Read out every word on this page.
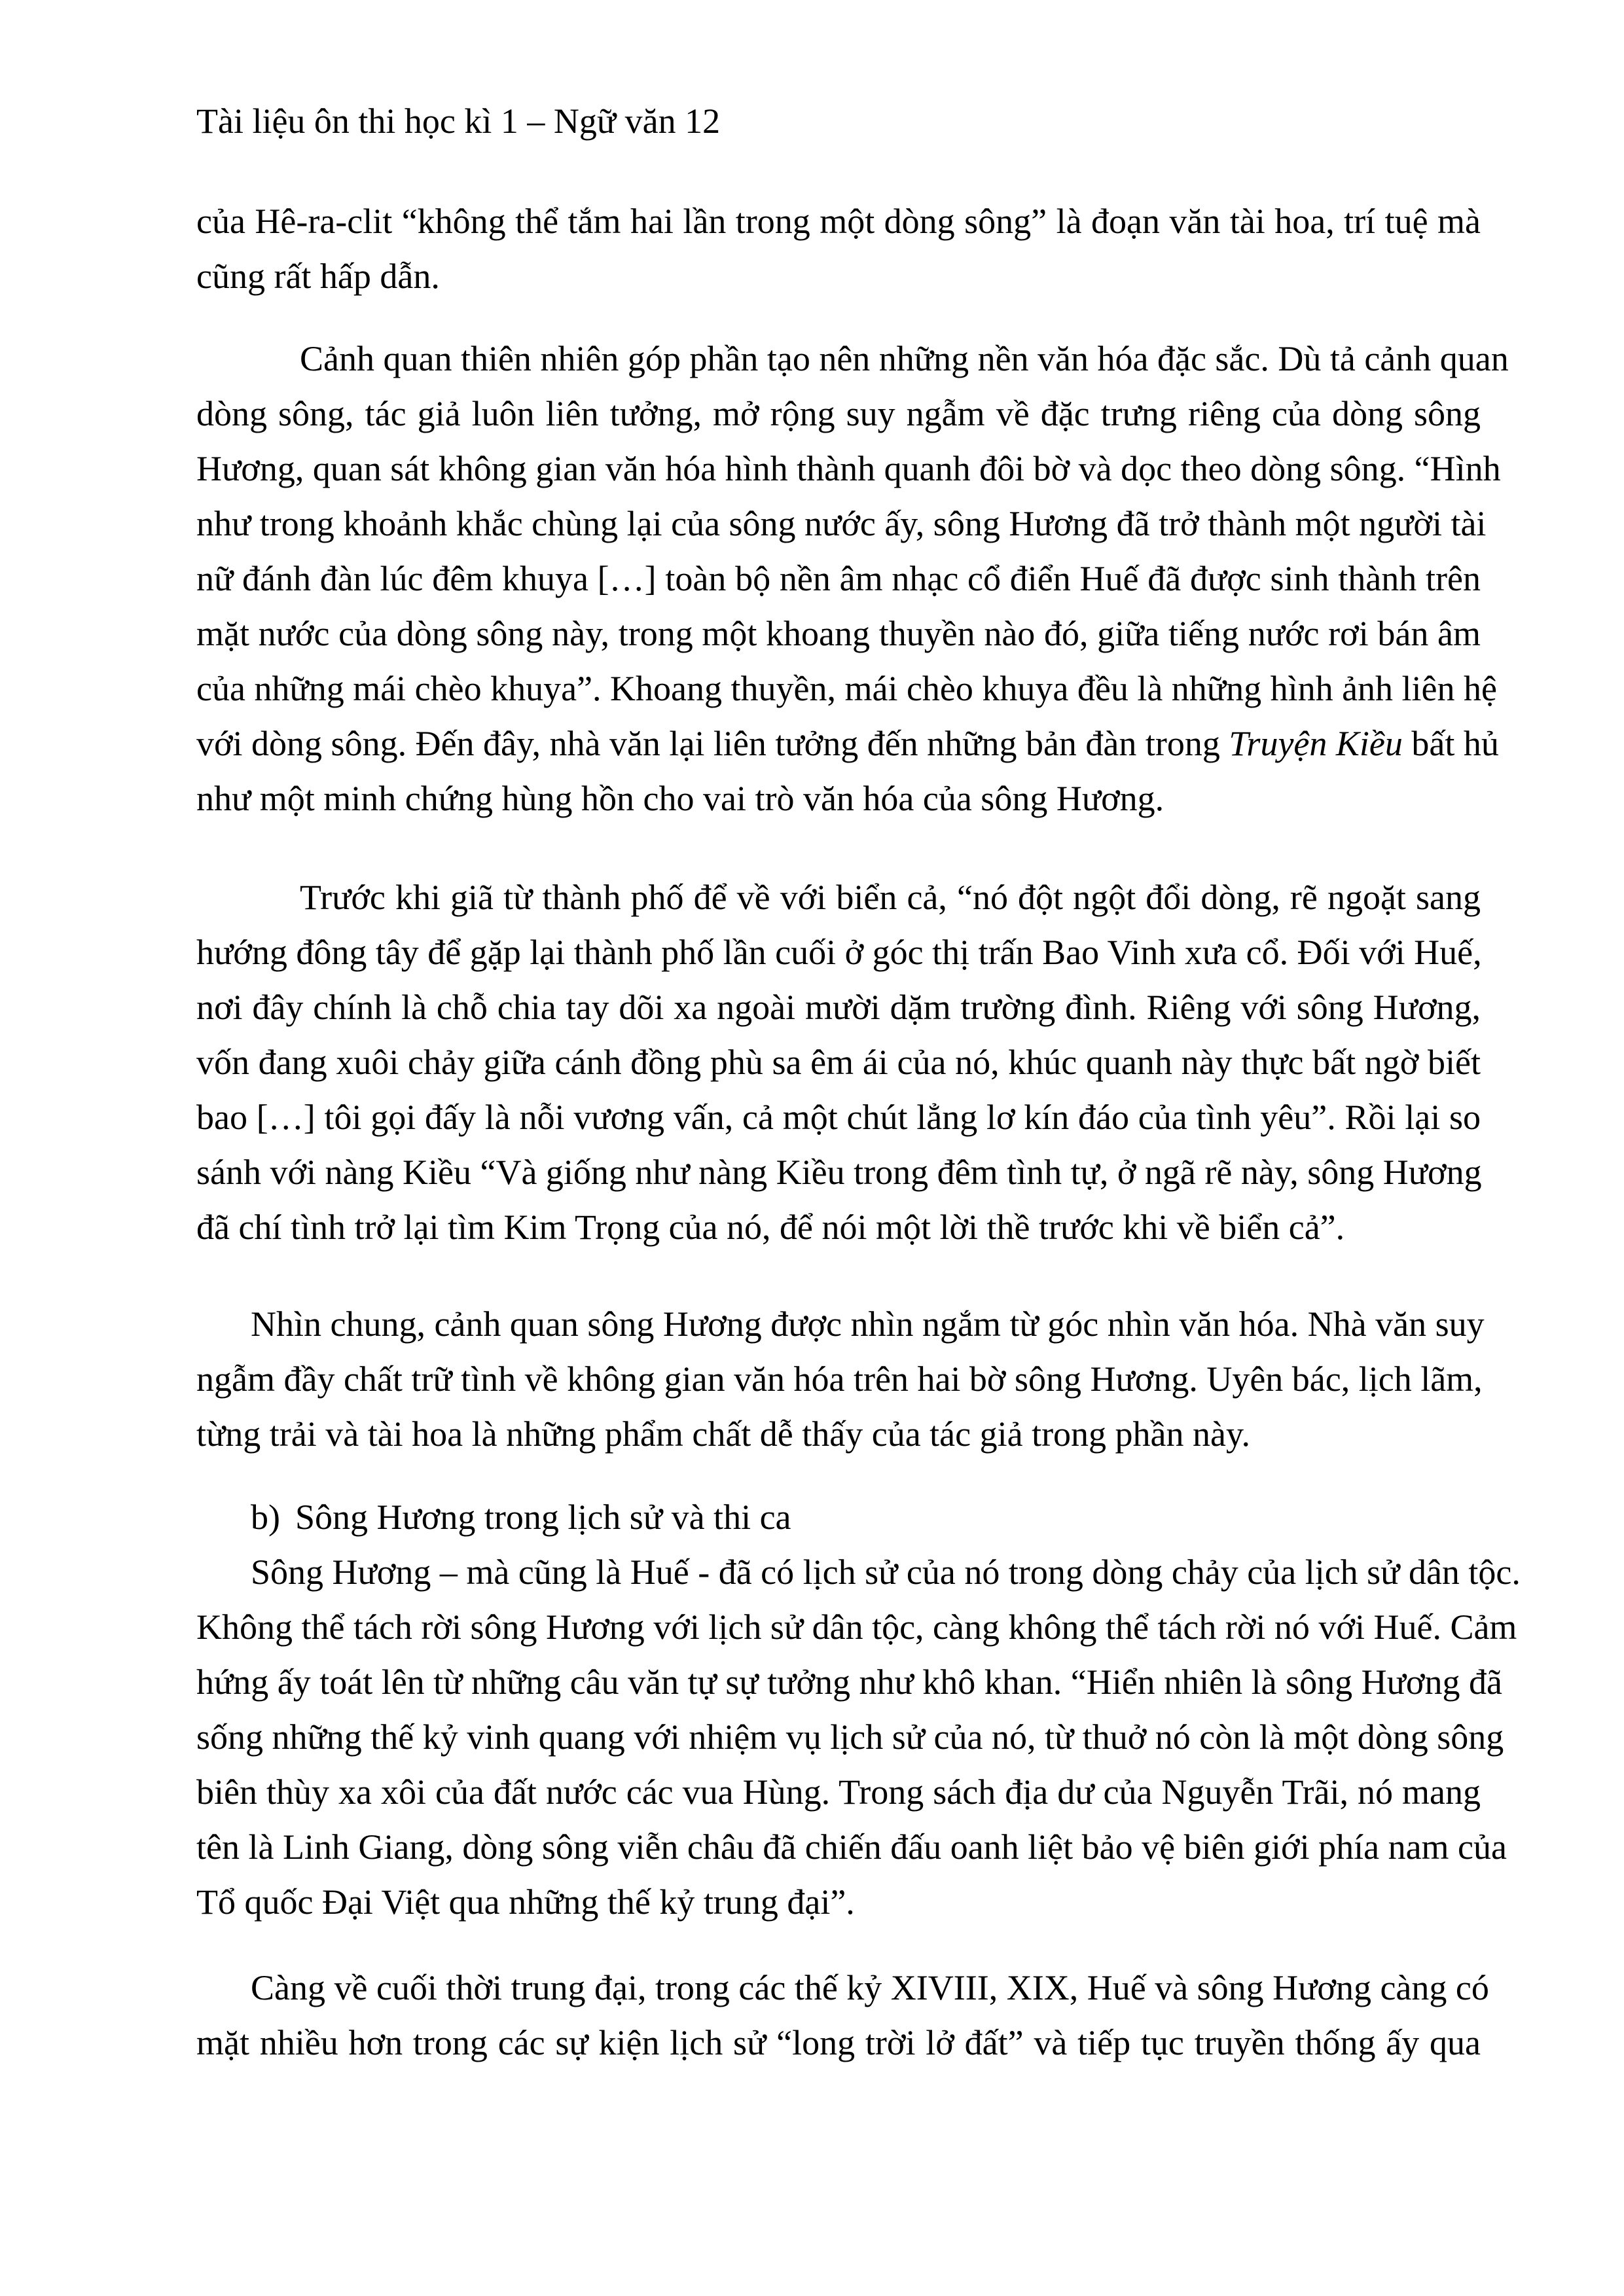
Tài liệu ôn thi học kì 1 – Ngữ văn 12
của Hê-ra-clit “không thể tắm hai lần trong một dòng sông” là đoạn văn tài hoa, trí tuệ mà
cũng rất hấp dẫn.
Cảnh quan thiên nhiên góp phần tạo nên những nền văn hóa đặc sắc. Dù tả cảnh quan
dòng sông, tác giả luôn liên tưởng, mở rộng suy ngẫm về đặc trưng riêng của dòng sông
Hương, quan sát không gian văn hóa hình thành quanh đôi bờ và dọc theo dòng sông. “Hình
như trong khoảnh khắc chùng lại của sông nước ấy, sông Hương đã trở thành một người tài
nữ đánh đàn lúc đêm khuya […] toàn bộ nền âm nhạc cổ điển Huế đã được sinh thành trên
mặt nước của dòng sông này, trong một khoang thuyền nào đó, giữa tiếng nước rơi bán âm
của những mái chèo khuya”. Khoang thuyền, mái chèo khuya đều là những hình ảnh liên hệ
với dòng sông. Đến đây, nhà văn lại liên tưởng đến những bản đàn trong Truyện Kiều bất hủ
như một minh chứng hùng hồn cho vai trò văn hóa của sông Hương.
Trước khi giã từ thành phố để về với biển cả, “nó đột ngột đổi dòng, rẽ ngoặt sang
hướng đông tây để gặp lại thành phố lần cuối ở góc thị trấn Bao Vinh xưa cổ. Đối với Huế,
nơi đây chính là chỗ chia tay dõi xa ngoài mười dặm trường đình. Riêng với sông Hương,
vốn đang xuôi chảy giữa cánh đồng phù sa êm ái của nó, khúc quanh này thực bất ngờ biết
bao […] tôi gọi đấy là nỗi vương vấn, cả một chút lẳng lơ kín đáo của tình yêu”. Rồi lại so
sánh với nàng Kiều “Và giống như nàng Kiều trong đêm tình tự, ở ngã rẽ này, sông Hương
đã chí tình trở lại tìm Kim Trọng của nó, để nói một lời thề trước khi về biển cả”.
Nhìn chung, cảnh quan sông Hương được nhìn ngắm từ góc nhìn văn hóa. Nhà văn suy
ngẫm đầy chất trữ tình về không gian văn hóa trên hai bờ sông Hương. Uyên bác, lịch lãm,
từng trải và tài hoa là những phẩm chất dễ thấy của tác giả trong phần này.
b) Sông Hương trong lịch sử và thi ca
Sông Hương – mà cũng là Huế - đã có lịch sử của nó trong dòng chảy của lịch sử dân tộc.
Không thể tách rời sông Hương với lịch sử dân tộc, càng không thể tách rời nó với Huế. Cảm
hứng ấy toát lên từ những câu văn tự sự tưởng như khô khan. “Hiển nhiên là sông Hương đã
sống những thế kỷ vinh quang với nhiệm vụ lịch sử của nó, từ thuở nó còn là một dòng sông
biên thùy xa xôi của đất nước các vua Hùng. Trong sách địa dư của Nguyễn Trãi, nó mang
tên là Linh Giang, dòng sông viễn châu đã chiến đấu oanh liệt bảo vệ biên giới phía nam của
Tổ quốc Đại Việt qua những thế kỷ trung đại”.
Càng về cuối thời trung đại, trong các thế kỷ XIVIII, XIX, Huế và sông Hương càng có
mặt nhiều hơn trong các sự kiện lịch sử “long trời lở đất” và tiếp tục truyền thống ấy qua
